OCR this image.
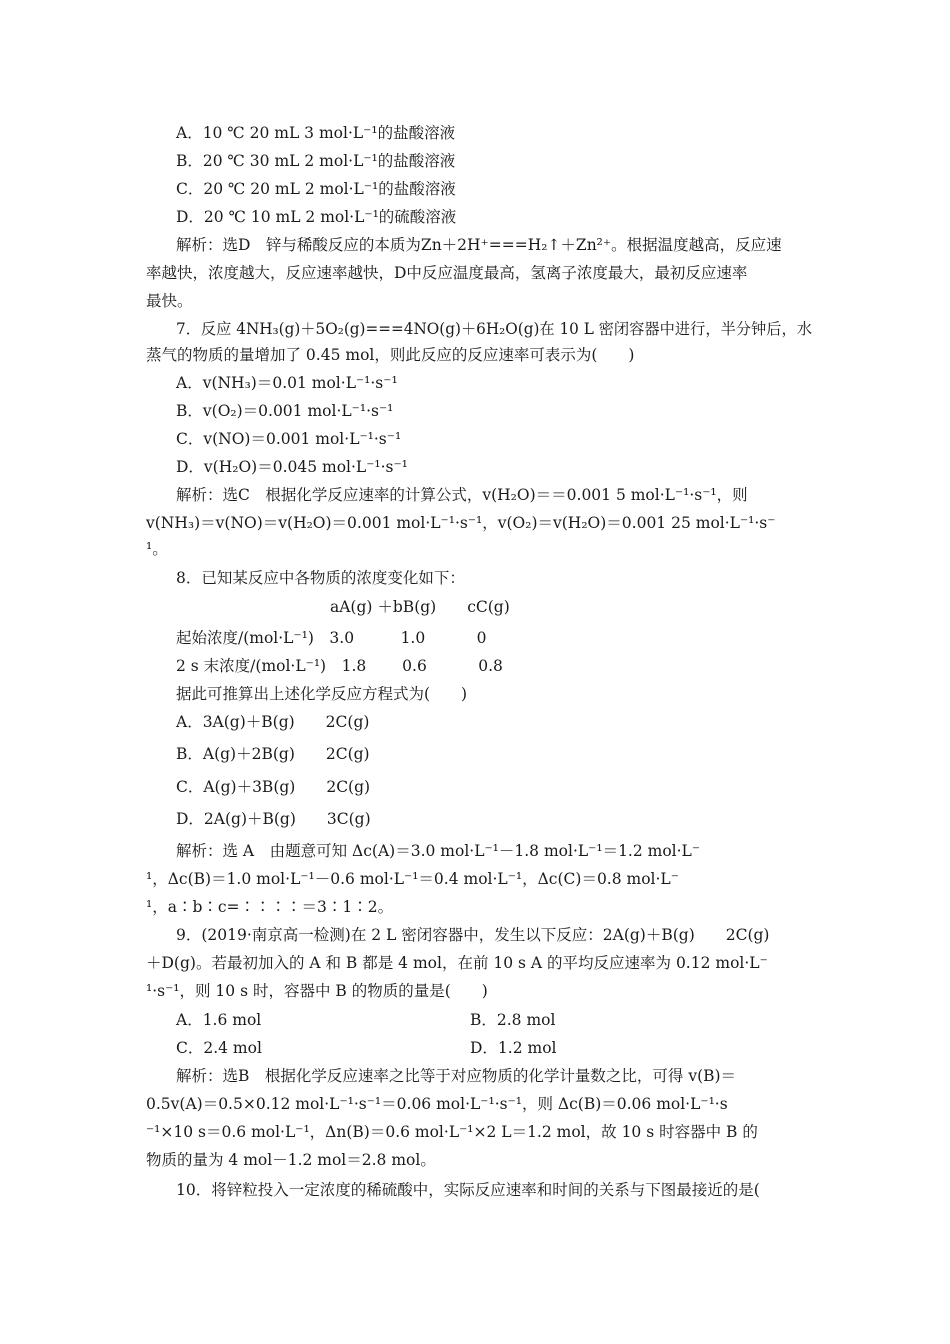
A．10 ℃ 20 mL 3 mol·L⁻¹的盐酸溶液
B．20 ℃ 30 mL 2 mol·L⁻¹的盐酸溶液
C．20 ℃ 20 mL 2 mol·L⁻¹的盐酸溶液
D．20 ℃ 10 mL 2 mol·L⁻¹的硫酸溶液
解析：选D　锌与稀酸反应的本质为Zn＋2H⁺===H₂↑＋Zn²⁺。根据温度越高，反应速
率越快，浓度越大，反应速率越快，D中反应温度最高，氢离子浓度最大，最初反应速率
最快。
7．反应 4NH₃(g)＋5O₂(g)===4NO(g)＋6H₂O(g)在 10 L 密闭容器中进行，半分钟后，水
蒸气的物质的量增加了 0.45 mol，则此反应的反应速率可表示为(　　)
A．v(NH₃)＝0.01 mol·L⁻¹·s⁻¹
B．v(O₂)＝0.001 mol·L⁻¹·s⁻¹
C．v(NO)＝0.001 mol·L⁻¹·s⁻¹
D．v(H₂O)＝0.045 mol·L⁻¹·s⁻¹
解析：选C　根据化学反应速率的计算公式，v(H₂O)＝＝0.001 5 mol·L⁻¹·s⁻¹，则
v(NH₃)＝v(NO)＝v(H₂O)＝0.001 mol·L⁻¹·s⁻¹，v(O₂)＝v(H₂O)＝0.001 25 mol·L⁻¹·s⁻
¹。
8．已知某反应中各物质的浓度变化如下：
aA(g) ＋bB(g)　　cC(g)
起始浓度/(mol·L⁻¹)　3.0　　　1.0　　　 0
2 s 末浓度/(mol·L⁻¹)　1.8　　 0.6　　　 0.8
据此可推算出上述化学反应方程式为(　　)
A．3A(g)＋B(g)　　2C(g)
B．A(g)＋2B(g)　　2C(g)
C．A(g)＋3B(g)　　2C(g)
D．2A(g)＋B(g)　　3C(g)
解析：选 A　由题意可知 Δc(A)＝3.0 mol·L⁻¹－1.8 mol·L⁻¹＝1.2 mol·L⁻
¹，Δc(B)＝1.0 mol·L⁻¹－0.6 mol·L⁻¹＝0.4 mol·L⁻¹，Δc(C)＝0.8 mol·L⁻
¹，a∶b∶c=∶∶∶∶＝3∶1∶2。
9．(2019·南京高一检测)在 2 L 密闭容器中，发生以下反应：2A(g)＋B(g)　　2C(g)
＋D(g)。若最初加入的 A 和 B 都是 4 mol，在前 10 s A 的平均反应速率为 0.12 mol·L⁻
¹·s⁻¹，则 10 s 时，容器中 B 的物质的量是(　　)
A．1.6 mol	B．2.8 mol
C．2.4 mol	D．1.2 mol
解析：选B　根据化学反应速率之比等于对应物质的化学计量数之比，可得 v(B)＝
0.5v(A)＝0.5×0.12 mol·L⁻¹·s⁻¹＝0.06 mol·L⁻¹·s⁻¹，则 Δc(B)＝0.06 mol·L⁻¹·s
⁻¹×10 s＝0.6 mol·L⁻¹，Δn(B)＝0.6 mol·L⁻¹×2 L＝1.2 mol，故 10 s 时容器中 B 的
物质的量为 4 mol－1.2 mol＝2.8 mol。
10．将锌粒投入一定浓度的稀硫酸中，实际反应速率和时间的关系与下图最接近的是(
